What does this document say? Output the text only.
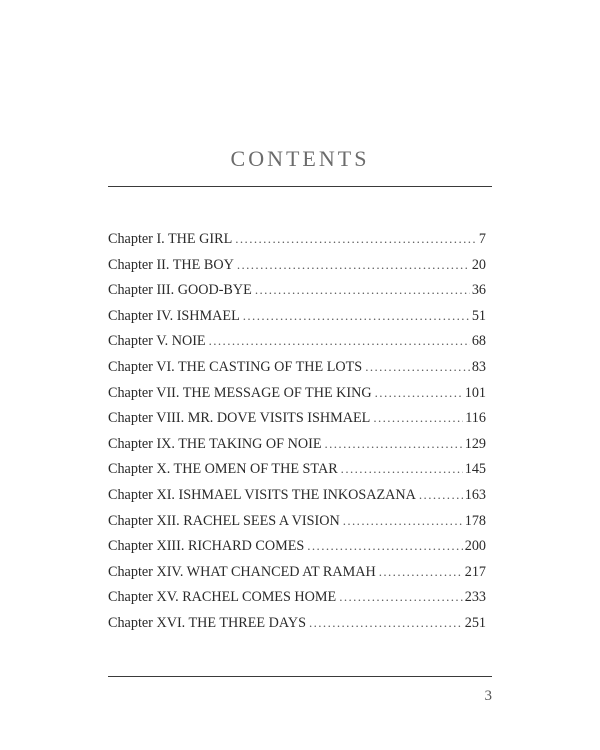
CONTENTS
Chapter I. THE GIRL .....	7
Chapter II. THE BOY .....	20
Chapter III. GOOD-BYE .....	36
Chapter IV. ISHMAEL .....	51
Chapter V. NOIE .....	68
Chapter VI. THE CASTING OF THE LOTS .....	83
Chapter VII. THE MESSAGE OF THE KING .....	101
Chapter VIII. MR. DOVE VISITS ISHMAEL .....	116
Chapter IX. THE TAKING OF NOIE .....	129
Chapter X. THE OMEN OF THE STAR .....	145
Chapter XI. ISHMAEL VISITS THE INKOSAZANA .....	163
Chapter XII. RACHEL SEES A VISION .....	178
Chapter XIII. RICHARD COMES .....	200
Chapter XIV. WHAT CHANCED AT RAMAH .....	217
Chapter XV. RACHEL COMES HOME .....	233
Chapter XVI. THE THREE DAYS .....	251
3
